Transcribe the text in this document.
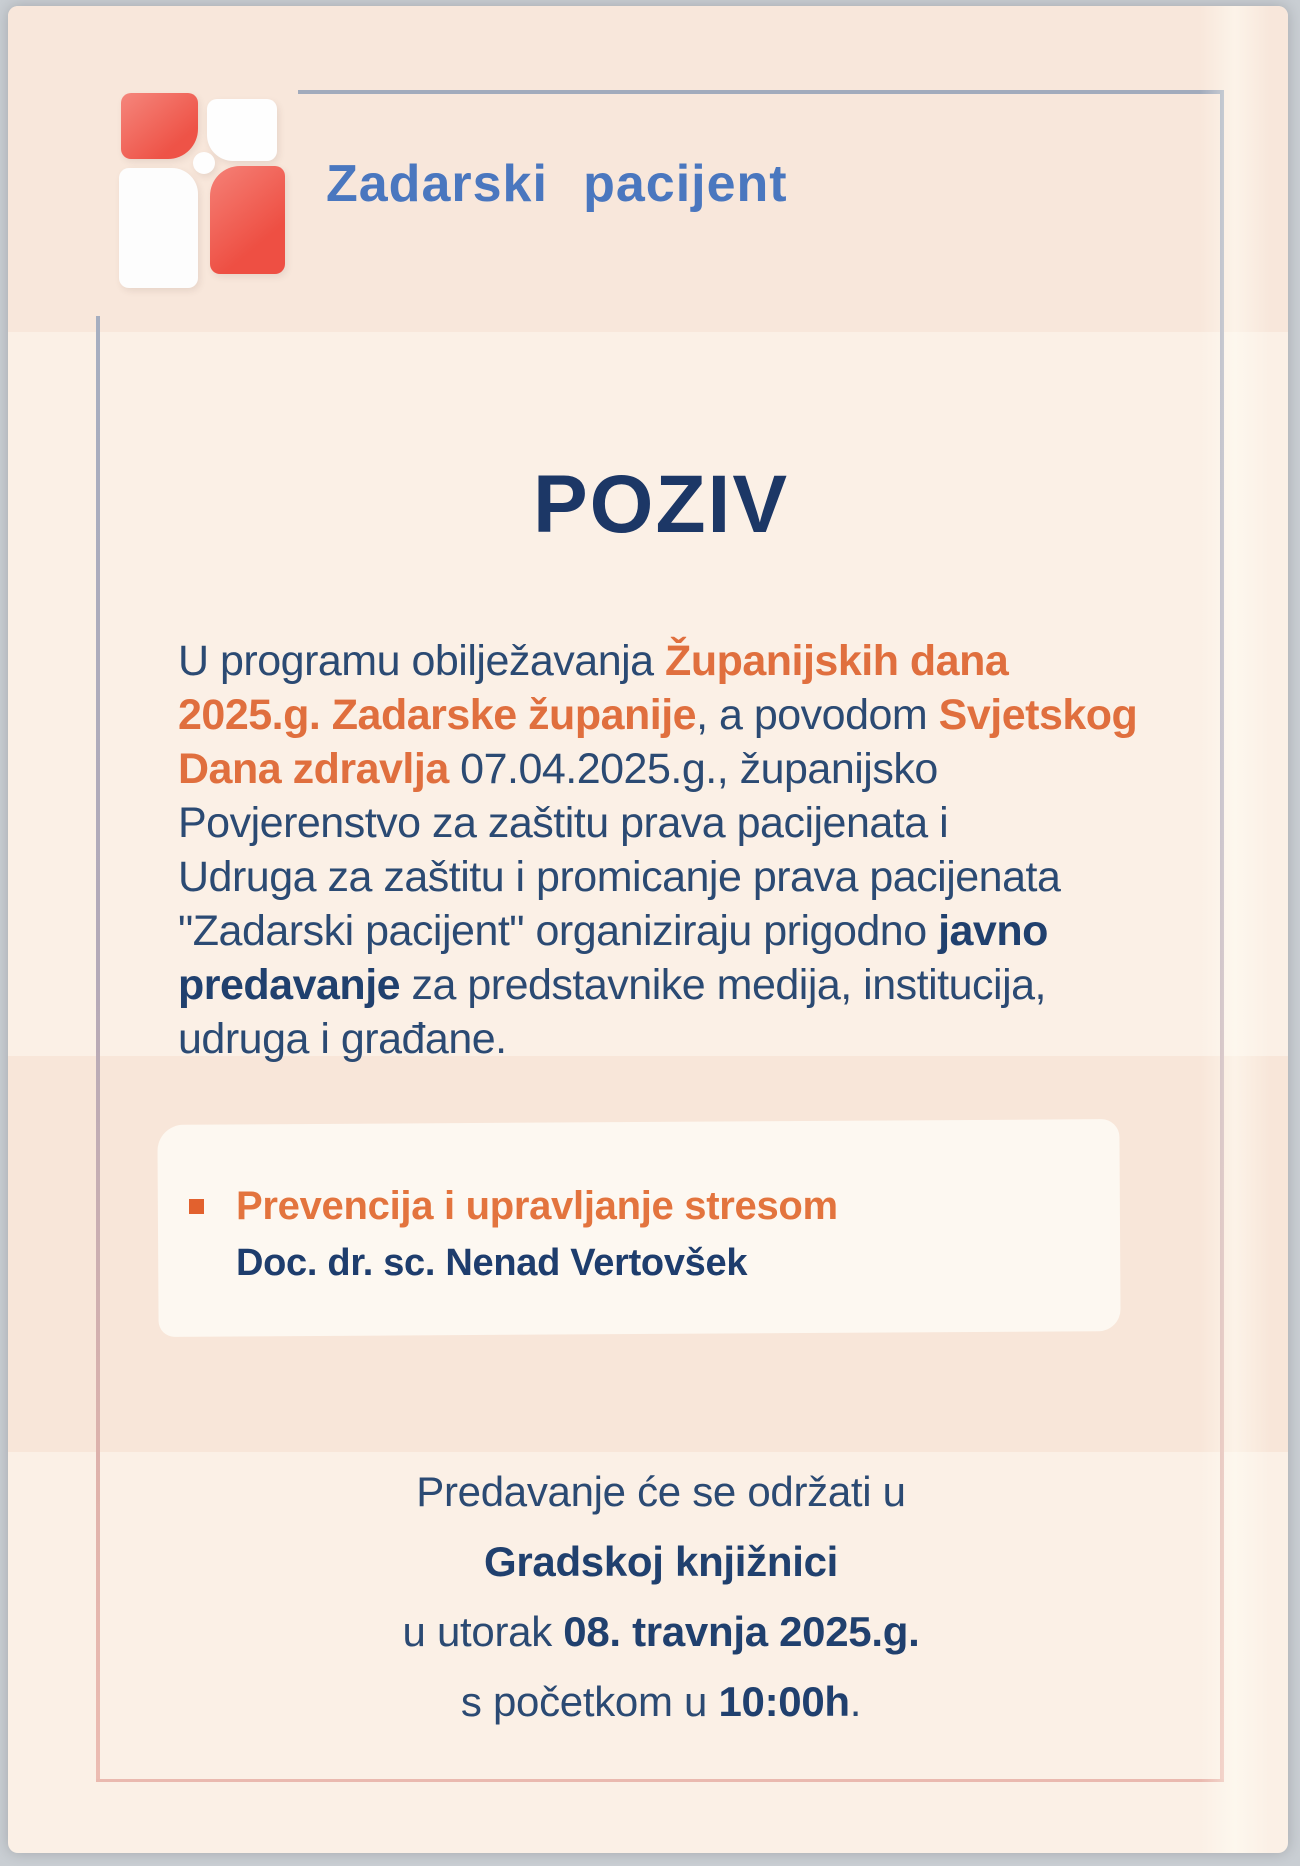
Zadarski pacijent
POZIV
U programu obilježavanja Županijskih dana
2025.g. Zadarske županije, a povodom Svjetskog
Dana zdravlja 07.04.2025.g., županijsko
Povjerenstvo za zaštitu prava pacijenata i
Udruga za zaštitu i promicanje prava pacijenata
"Zadarski pacijent" organiziraju prigodno javno
predavanje za predstavnike medija, institucija,
udruga i građane.
Prevencija i upravljanje stresom
Doc. dr. sc. Nenad Vertovšek
Predavanje će se održati u
Gradskoj knjižnici
u utorak 08. travnja 2025.g.
s početkom u 10:00h.
